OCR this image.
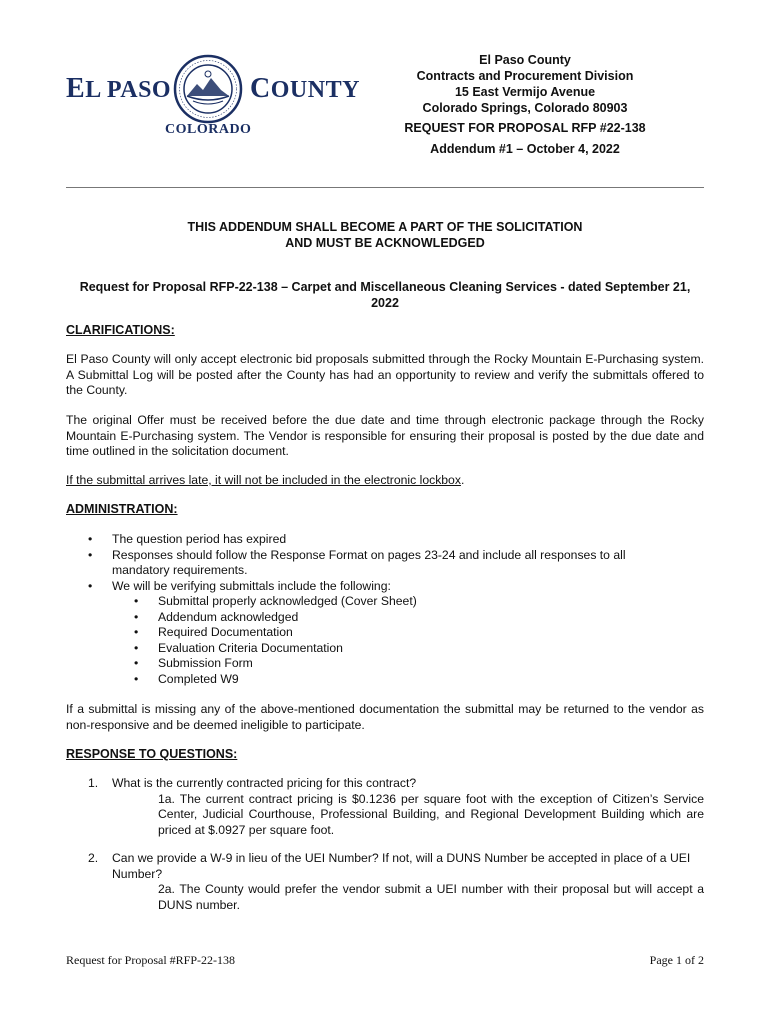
EL PASO	COUNTY
COLORADO
El Paso County
Contracts and Procurement Division
15 East Vermijo Avenue
Colorado Springs, Colorado 80903
REQUEST FOR PROPOSAL RFP #22-138
Addendum #1 – October 4, 2022
THIS ADDENDUM SHALL BECOME A PART OF THE SOLICITATION
AND MUST BE ACKNOWLEDGED
Request for Proposal RFP-22-138 – Carpet and Miscellaneous Cleaning Services - dated September 21,
2022
CLARIFICATIONS:
El Paso County will only accept electronic bid proposals submitted through the Rocky Mountain E-Purchasing system. A Submittal Log will be posted after the County has had an opportunity to review and verify the submittals offered to the County.
The original Offer must be received before the due date and time through electronic package through the Rocky Mountain E-Purchasing system. The Vendor is responsible for ensuring their proposal is posted by the due date and time outlined in the solicitation document.
If the submittal arrives late, it will not be included in the electronic lockbox.
ADMINISTRATION:
• The question period has expired
• Responses should follow the Response Format on pages 23-24 and include all responses to all mandatory requirements.
• We will be verifying submittals include the following:
• Submittal properly acknowledged (Cover Sheet)
• Addendum acknowledged
• Required Documentation
• Evaluation Criteria Documentation
• Submission Form
• Completed W9
If a submittal is missing any of the above-mentioned documentation the submittal may be returned to the vendor as non-responsive and be deemed ineligible to participate.
RESPONSE TO QUESTIONS:
1.	What is the currently contracted pricing for this contract?
1a. The current contract pricing is $0.1236 per square foot with the exception of Citizen’s Service Center, Judicial Courthouse, Professional Building, and Regional Development Building which are priced at $.0927 per square foot.
2.	Can we provide a W-9 in lieu of the UEI Number? If not, will a DUNS Number be accepted in place of a UEI Number?
2a. The County would prefer the vendor submit a UEI number with their proposal but will accept a DUNS number.
Request for Proposal #RFP-22-138	Page 1 of 2
